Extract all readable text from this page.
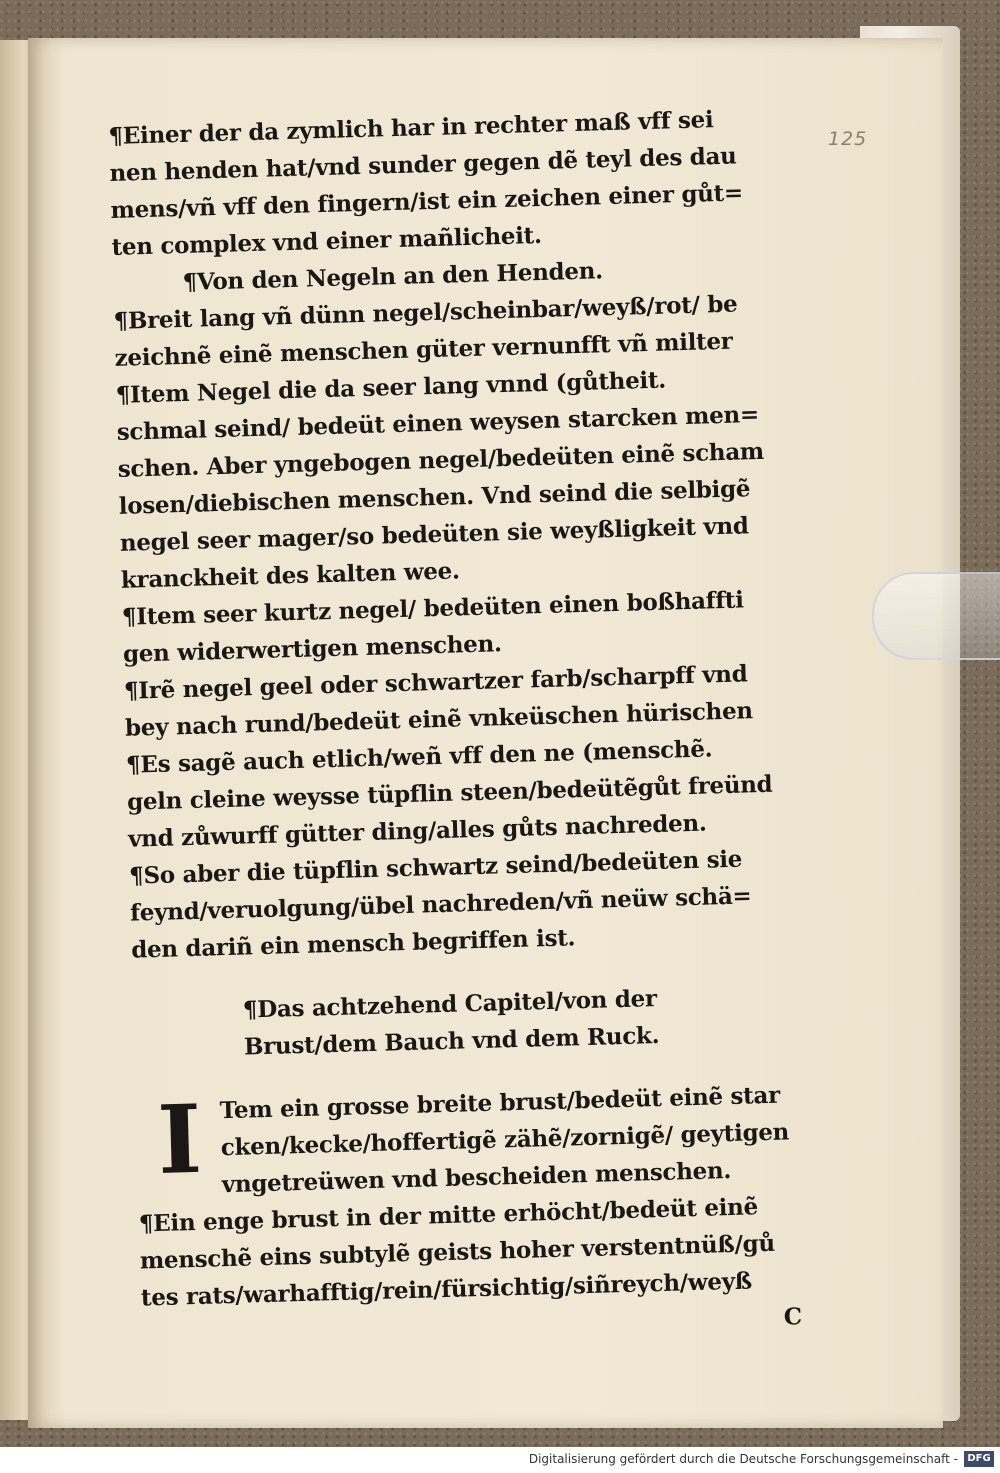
125
¶Einer der da zymlich har in rechter maß vff sei
nen henden hat/vnd sunder gegen dẽ teyl des dau
mens/vñ vff den fingern/ist ein zeichen einer gůt=
ten complex vnd einer mañlicheit.
¶Von den Negeln an den Henden.
¶Breit lang vñ dünn negel/scheinbar/weyß/rot/ be
zeichnẽ einẽ menschen güter vernunfft vñ milter
¶Item Negel die da seer lang vnnd (gůtheit.
schmal seind/ bedeüt einen weysen starcken men=
schen. Aber yngebogen negel/bedeüten einẽ scham
losen/diebischen menschen. Vnd seind die selbigẽ
negel seer mager/so bedeüten sie weyßligkeit vnd
kranckheit des kalten wee.
¶Item seer kurtz negel/ bedeüten einen boßhaffti
gen widerwertigen menschen.
¶Irẽ negel geel oder schwartzer farb/scharpff vnd
bey nach rund/bedeüt einẽ vnkeüschen hürischen
¶Es sagẽ auch etlich/weñ vff den ne (menschẽ.
geln cleine weysse tüpflin steen/bedeütẽgůt freünd
vnd zůwurff gütter ding/alles gůts nachreden.
¶So aber die tüpflin schwartz seind/bedeüten sie
feynd/veruolgung/übel nachreden/vñ neüw schä=
den dariñ ein mensch begriffen ist.
¶Das achtzehend Capitel/von der
Brust/dem Bauch vnd dem Ruck.
I Tem ein grosse breite brust/bedeüt einẽ star
cken/kecke/hoffertigẽ zähẽ/zornigẽ/ geytigen
vngetreüwen vnd bescheiden menschen.
¶Ein enge brust in der mitte erhöcht/bedeüt einẽ
menschẽ eins subtylẽ geists hoher verstentnüß/gů
tes rats/warhafftig/rein/fürsichtig/siñreych/weyß
C
Digitalisierung gefördert durch die Deutsche Forschungsgemeinschaft - DFG
